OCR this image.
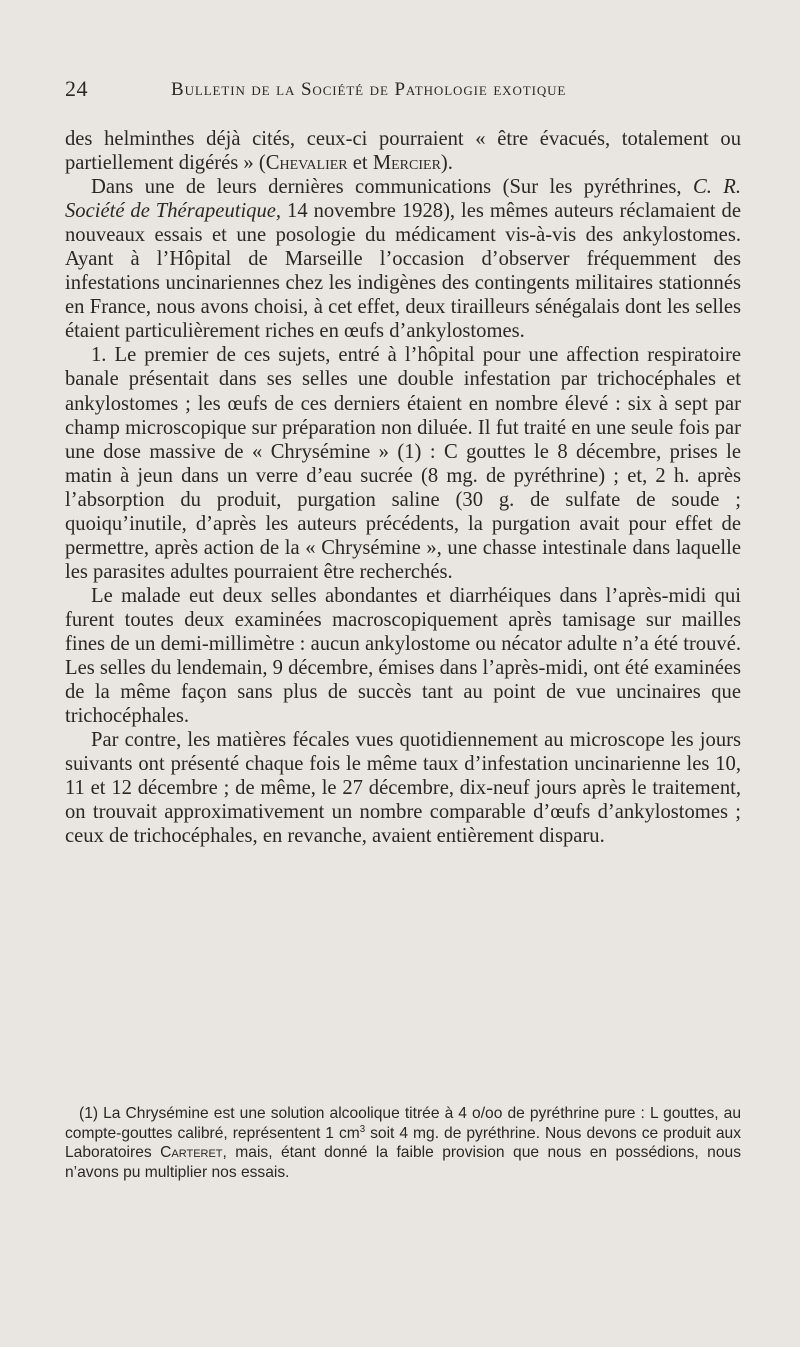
24	Bulletin de la Société de Pathologie exotique

des helminthes déjà cités, ceux-ci pourraient « être évacués, totalement ou partiellement digérés » (Chevalier et Mercier).

Dans une de leurs dernières communications (Sur les pyréthrines, C. R. Société de Thérapeutique, 14 novembre 1928), les mêmes auteurs réclamaient de nouveaux essais et une posologie du médicament vis-à-vis des ankylostomes. Ayant à l’Hôpital de Marseille l’occasion d’observer fréquemment des infestations uncinariennes chez les indigènes des contingents militaires stationnés en France, nous avons choisi, à cet effet, deux tirailleurs sénégalais dont les selles étaient particulièrement riches en œufs d’ankylostomes.

1. Le premier de ces sujets, entré à l’hôpital pour une affection respiratoire banale présentait dans ses selles une double infestation par trichocéphales et ankylostomes ; les œufs de ces derniers étaient en nombre élevé : six à sept par champ microscopique sur préparation non diluée. Il fut traité en une seule fois par une dose massive de « Chrysémine » (1) : C gouttes le 8 décembre, prises le matin à jeun dans un verre d’eau sucrée (8 mg. de pyréthrine) ; et, 2 h. après l’absorption du produit, purgation saline (30 g. de sulfate de soude ; quoiqu’inutile, d’après les auteurs précédents, la purgation avait pour effet de permettre, après action de la « Chrysémine », une chasse intestinale dans laquelle les parasites adultes pourraient être recherchés.

Le malade eut deux selles abondantes et diarrhéiques dans l’après-midi qui furent toutes deux examinées macroscopiquement après tamisage sur mailles fines de un demi-millimètre : aucun ankylostome ou nécator adulte n’a été trouvé. Les selles du lendemain, 9 décembre, émises dans l’après-midi, ont été examinées de la même façon sans plus de succès tant au point de vue uncinaires que trichocéphales.

Par contre, les matières fécales vues quotidiennement au microscope les jours suivants ont présenté chaque fois le même taux d’infestation uncinarienne les 10, 11 et 12 décembre ; de même, le 27 décembre, dix-neuf jours après le traitement, on trouvait approximativement un nombre comparable d’œufs d’ankylostomes ; ceux de trichocéphales, en revanche, avaient entièrement disparu.

(1) La Chrysémine est une solution alcoolique titrée à 4 o/oo de pyréthrine pure : L gouttes, au compte-gouttes calibré, représentent 1 $cm^3$ soit 4 mg. de pyréthrine. Nous devons ce produit aux Laboratoires Carteret, mais, étant donné la faible provision que nous en possédions, nous n’avons pu multiplier nos essais.
